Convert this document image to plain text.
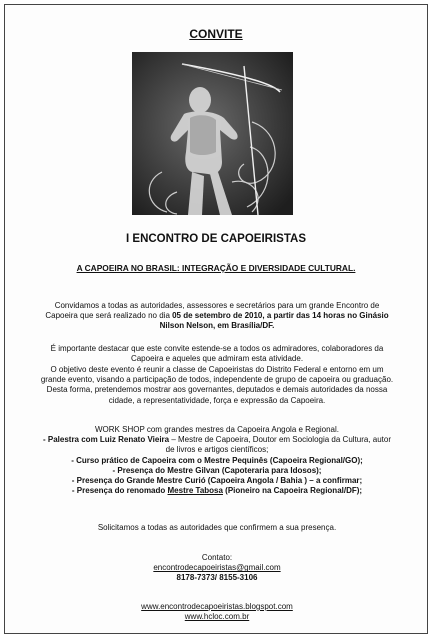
CONVITE
I ENCONTRO DE CAPOEIRISTAS
A CAPOEIRA NO BRASIL: INTEGRAÇÃO E DIVERSIDADE CULTURAL.
Convidamos a todas as autoridades, assessores e secretários para um grande Encontro de
Capoeira que será realizado no dia 05 de setembro de 2010, a partir das 14 horas no Ginásio
Nilson Nelson, em Brasília/DF.
É importante destacar que este convite estende-se a todos os admiradores, colaboradores da
Capoeira e aqueles que admiram esta atividade.
O objetivo deste evento é reunir a classe de Capoeiristas do Distrito Federal e entorno em um
grande evento, visando a participação de todos, independente de grupo de capoeira ou graduação.
Desta forma, pretendemos mostrar aos governantes, deputados e demais autoridades da nossa
cidade, a representatividade, força e expressão da Capoeira.
WORK SHOP com grandes mestres da Capoeira Angola e Regional.
- Palestra com Luiz Renato Vieira – Mestre de Capoeira, Doutor em Sociologia da Cultura, autor
de livros e artigos científicos;
- Curso prático de Capoeira com o Mestre Pequinês (Capoeira Regional/GO);
- Presença do Mestre Gilvan (Capoteraria para Idosos);
- Presença do Grande Mestre Curió (Capoeira Angola / Bahia ) – a confirmar;
- Presença do renomado Mestre Tabosa (Pioneiro na Capoeira Regional/DF);
Solicitamos a todas as autoridades que confirmem a sua presença.
Contato:
encontrodecapoeiristas@gmail.com
8178-7373/ 8155-3106
www.encontrodecapoeiristas.blogspot.com
www.hcloc.com.br
